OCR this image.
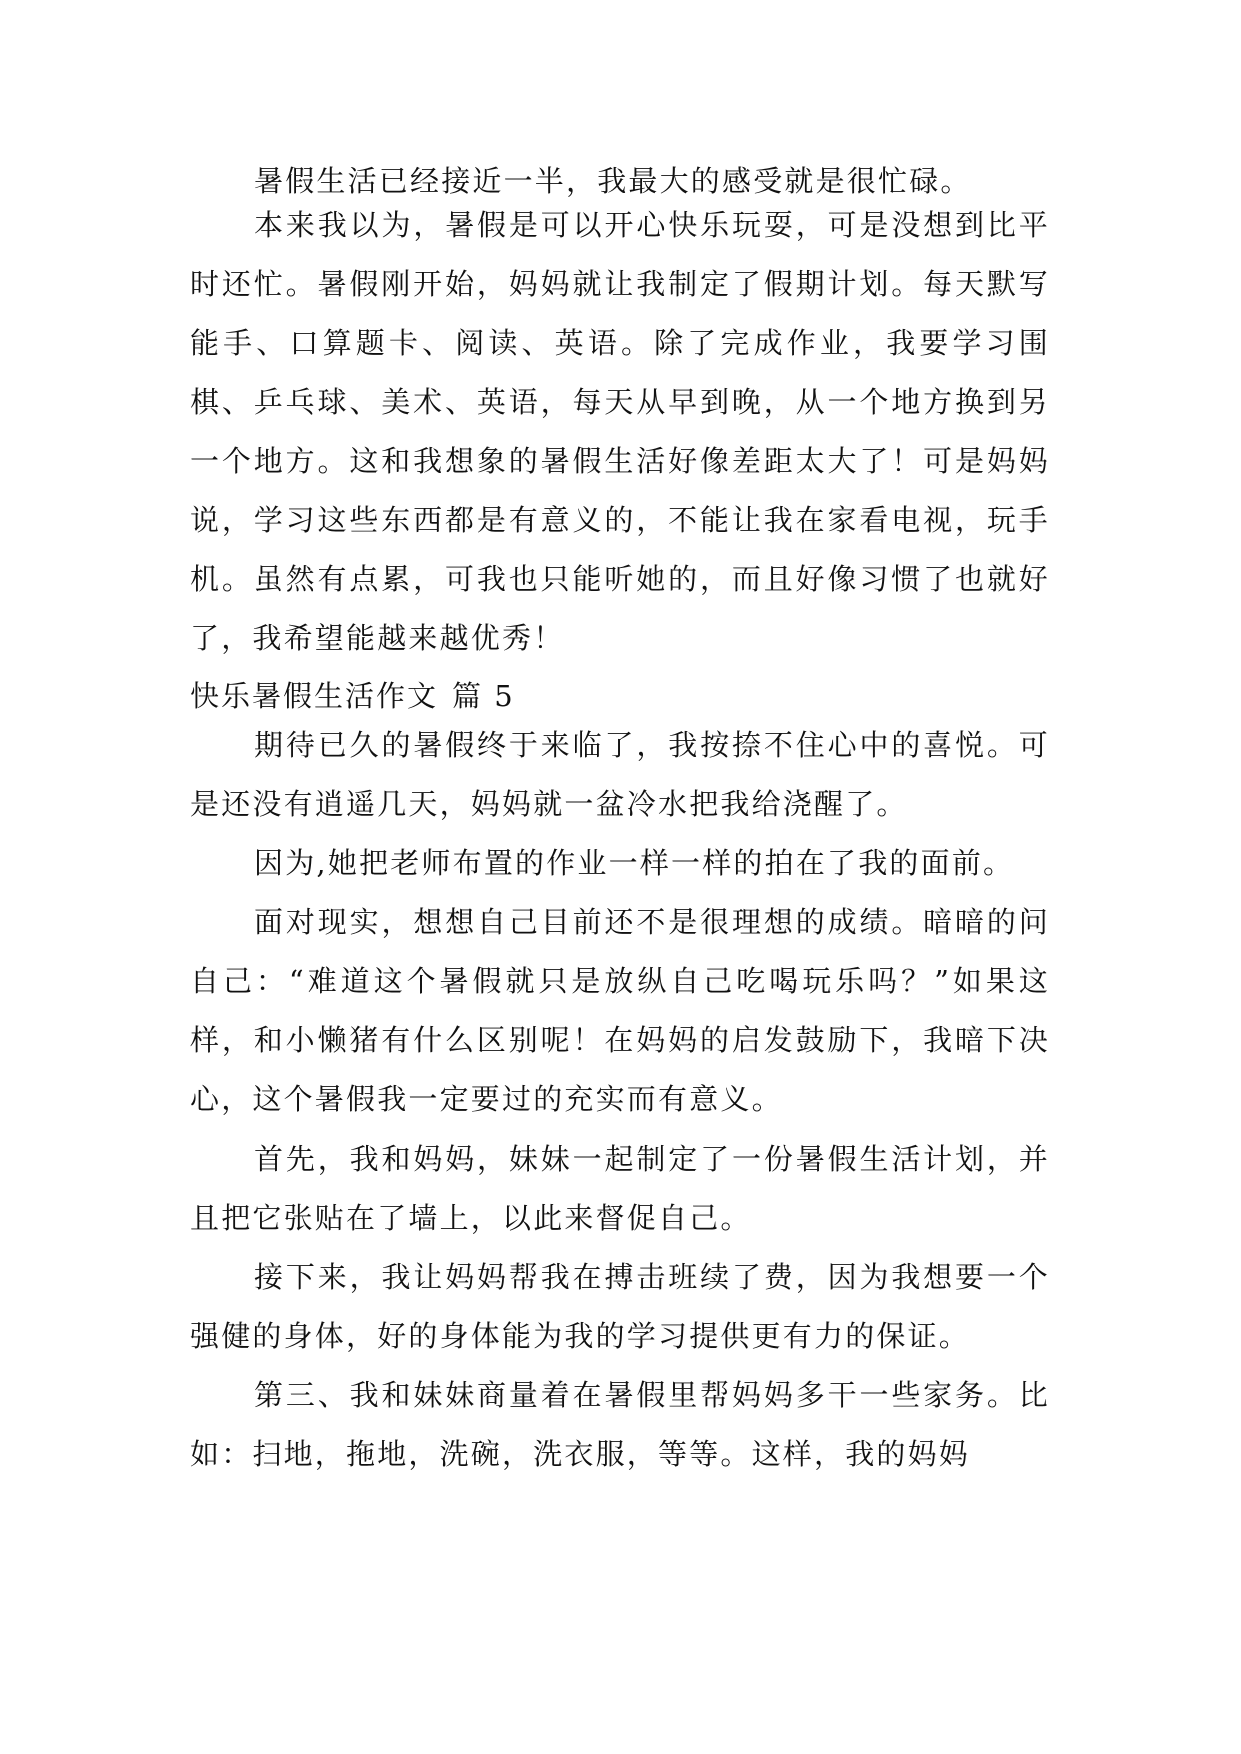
暑假生活已经接近一半，我最大的感受就是很忙碌。
本来我以为，暑假是可以开心快乐玩耍，可是没想到比平时还忙。暑假刚开始，妈妈就让我制定了假期计划。每天默写能手、口算题卡、阅读、英语。除了完成作业，我要学习围棋、乒乓球、美术、英语，每天从早到晚，从一个地方换到另一个地方。这和我想象的暑假生活好像差距太大了！可是妈妈说，学习这些东西都是有意义的，不能让我在家看电视，玩手机。虽然有点累，可我也只能听她的，而且好像习惯了也就好了，我希望能越来越优秀！
快乐暑假生活作文 篇 5
期待已久的暑假终于来临了，我按捺不住心中的喜悦。可是还没有逍遥几天，妈妈就一盆冷水把我给浇醒了。
因为,她把老师布置的作业一样一样的拍在了我的面前。
面对现实，想想自己目前还不是很理想的成绩。暗暗的问自己：“难道这个暑假就只是放纵自己吃喝玩乐吗？”如果这样，和小懒猪有什么区别呢！在妈妈的启发鼓励下，我暗下决心，这个暑假我一定要过的充实而有意义。
首先，我和妈妈，妹妹一起制定了一份暑假生活计划，并且把它张贴在了墙上，以此来督促自己。
接下来，我让妈妈帮我在搏击班续了费，因为我想要一个强健的身体，好的身体能为我的学习提供更有力的保证。
第三、我和妹妹商量着在暑假里帮妈妈多干一些家务。比如：扫地，拖地，洗碗，洗衣服，等等。这样，我的妈妈
